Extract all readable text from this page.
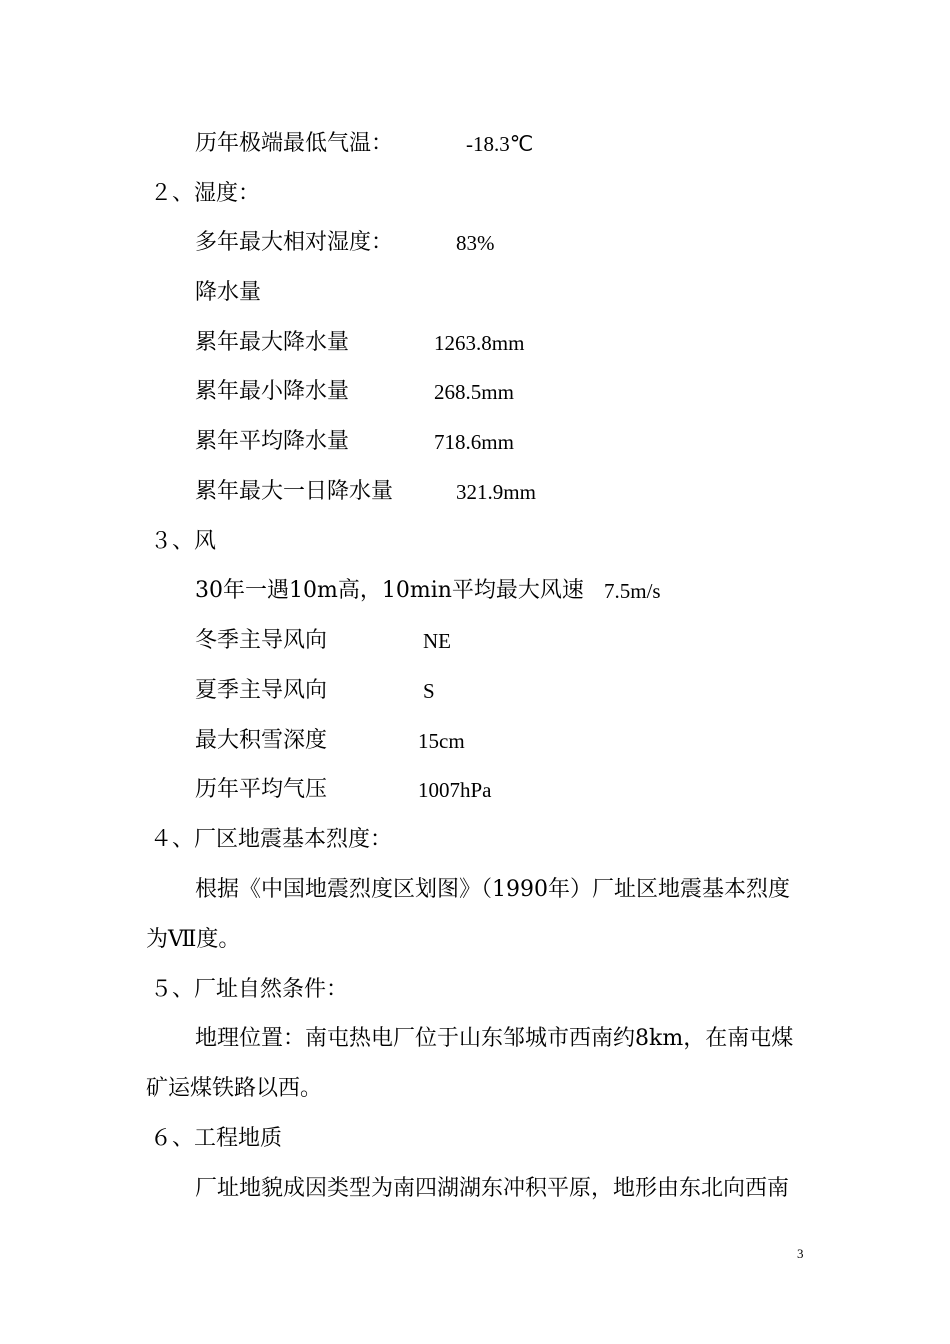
历年极端最低气温：	-18.3℃
２、湿度：
多年最大相对湿度：	83%
降水量
累年最大降水量	1263.8mm
累年最小降水量	268.5mm
累年平均降水量	718.6mm
累年最大一日降水量	321.9mm
３、风
30年一遇10m高，10min平均最大风速 7.5m/s
冬季主导风向	NE
夏季主导风向	S
最大积雪深度	15cm
历年平均气压	1007hPa
４、厂区地震基本烈度：
根据《中国地震烈度区划图》（1990年）厂址区地震基本烈度
为Ⅶ度。
５、厂址自然条件：
地理位置：南屯热电厂位于山东邹城市西南约8km，在南屯煤
矿运煤铁路以西。
６、工程地质
厂址地貌成因类型为南四湖湖东冲积平原，地形由东北向西南
3
